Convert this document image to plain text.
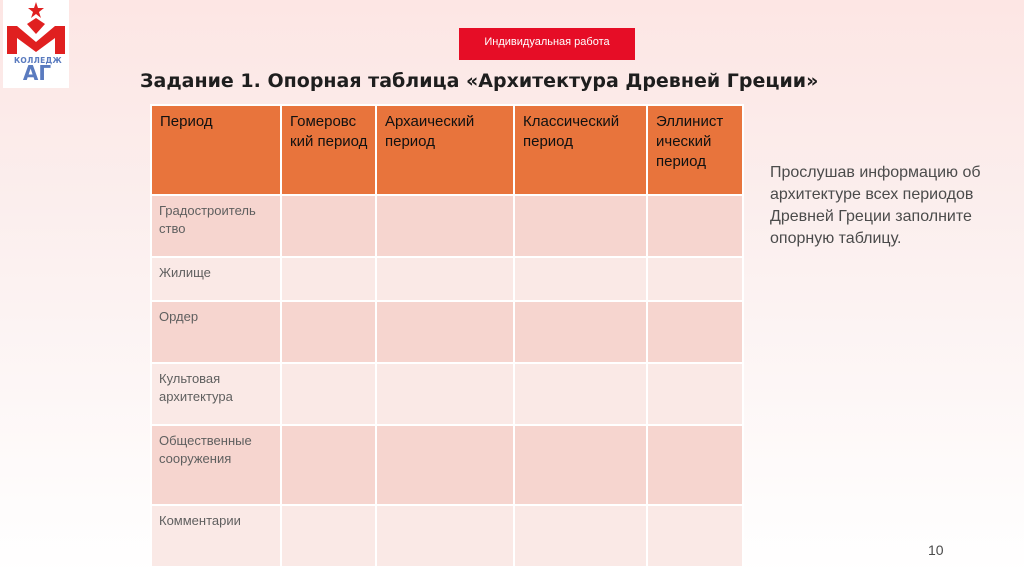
КОЛЛЕДЖ
АГ
Индивидуальная работа
Задание 1. Опорная таблица «Архитектура Древней Греции»
Период	Гомеровс кий период	Архаический период	Классический период	Эллинист ический период
Градостроитель ство				
Жилище				
Ордер				
Культовая архитектура				
Общественные сооружения				
Комментарии				
Прослушав информацию об архитектуре всех периодов Древней Греции заполните опорную таблицу.
10
